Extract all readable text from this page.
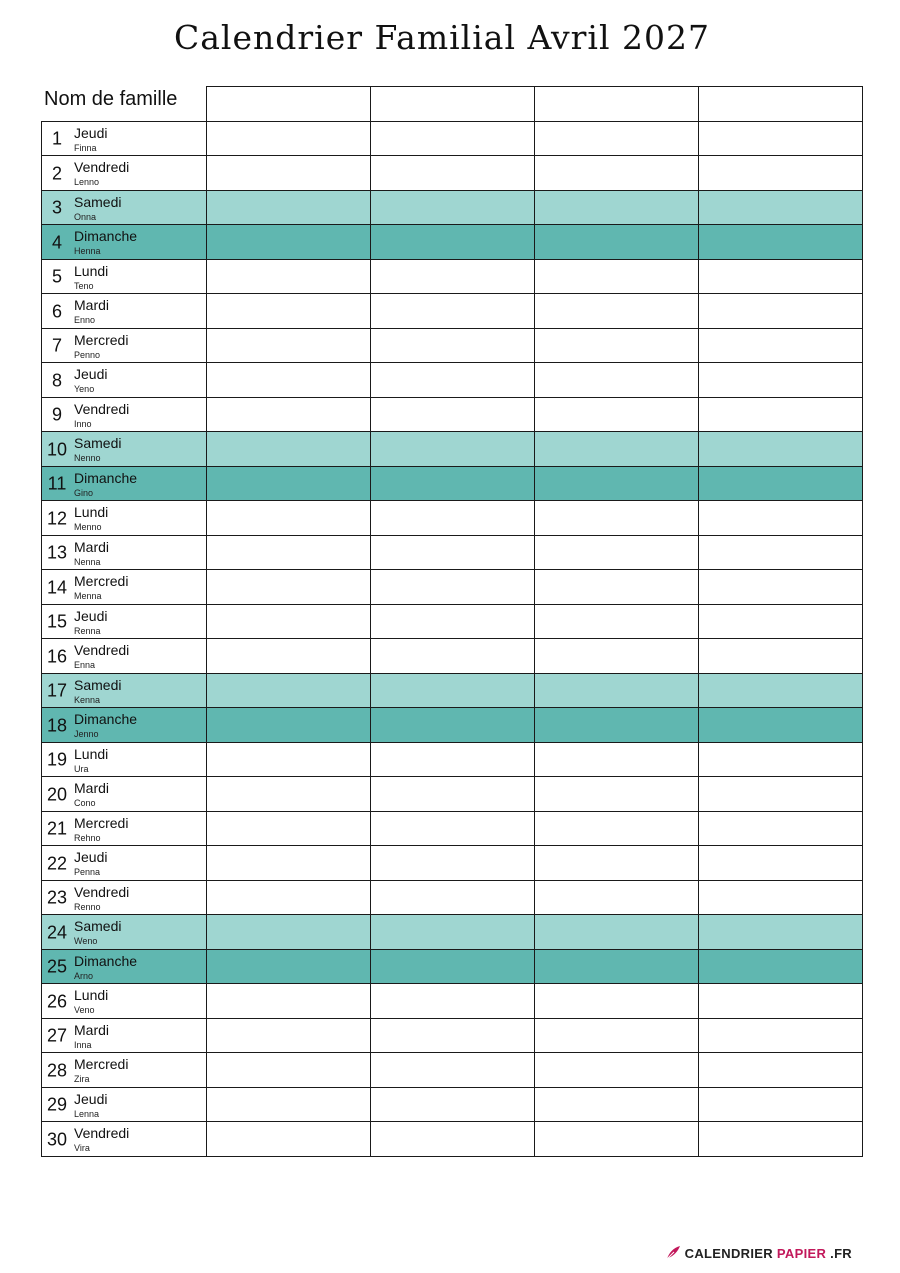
Calendrier Familial Avril 2027

1 Jeudi
Finna				

2 Vendredi
Lenno				

3 Samedi
Onna				

4 Dimanche
Henna				

5 Lundi
Teno				

6 Mardi
Enno				

7 Mercredi
Penno				

8 Jeudi
Yeno				

9 Vendredi
Inno				

10 Samedi
Nenno				

11 Dimanche
Gino				

12 Lundi
Menno				

13 Mardi
Nenna				

14 Mercredi
Menna				

15 Jeudi
Renna				

16 Vendredi
Enna				

17 Samedi
Kenna				

18 Dimanche
Jenno				

19 Lundi
Ura				

20 Mardi
Cono				

21 Mercredi
Rehno				

22 Jeudi
Penna				

23 Vendredi
Renno				

24 Samedi
Weno				

25 Dimanche
Arno				

26 Lundi
Veno				

27 Mardi
Inna				

28 Mercredi
Zira				

29 Jeudi
Lenna				

30 Vendredi
Vira				

Nom de famille
CALENDRIER PAPIER .FR
